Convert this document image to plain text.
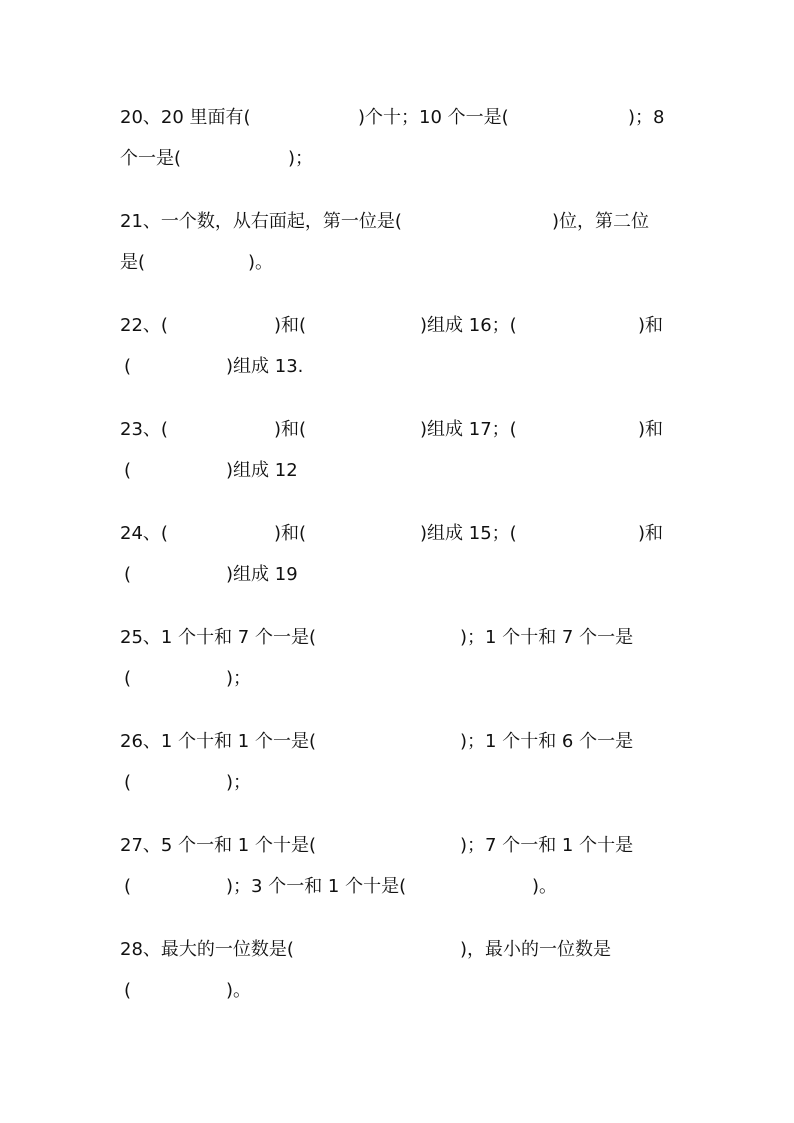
20、20 里面有(	)个十；10 个一是(	)；8
个一是(	)；
21、一个数，从右面起，第一位是(	)位，第二位
是(	)。
22、(	)和(	)组成 16；(	)和
(	)组成 13.
23、(	)和(	)组成 17；(	)和
(	)组成 12
24、(	)和(	)组成 15；(	)和
(	)组成 19
25、1 个十和 7 个一是(	)；1 个十和 7 个一是
(	)；
26、1 个十和 1 个一是(	)；1 个十和 6 个一是
(	)；
27、5 个一和 1 个十是(	)；7 个一和 1 个十是
(	)；3 个一和 1 个十是(	)。
28、最大的一位数是(	)，最小的一位数是
(	)。
